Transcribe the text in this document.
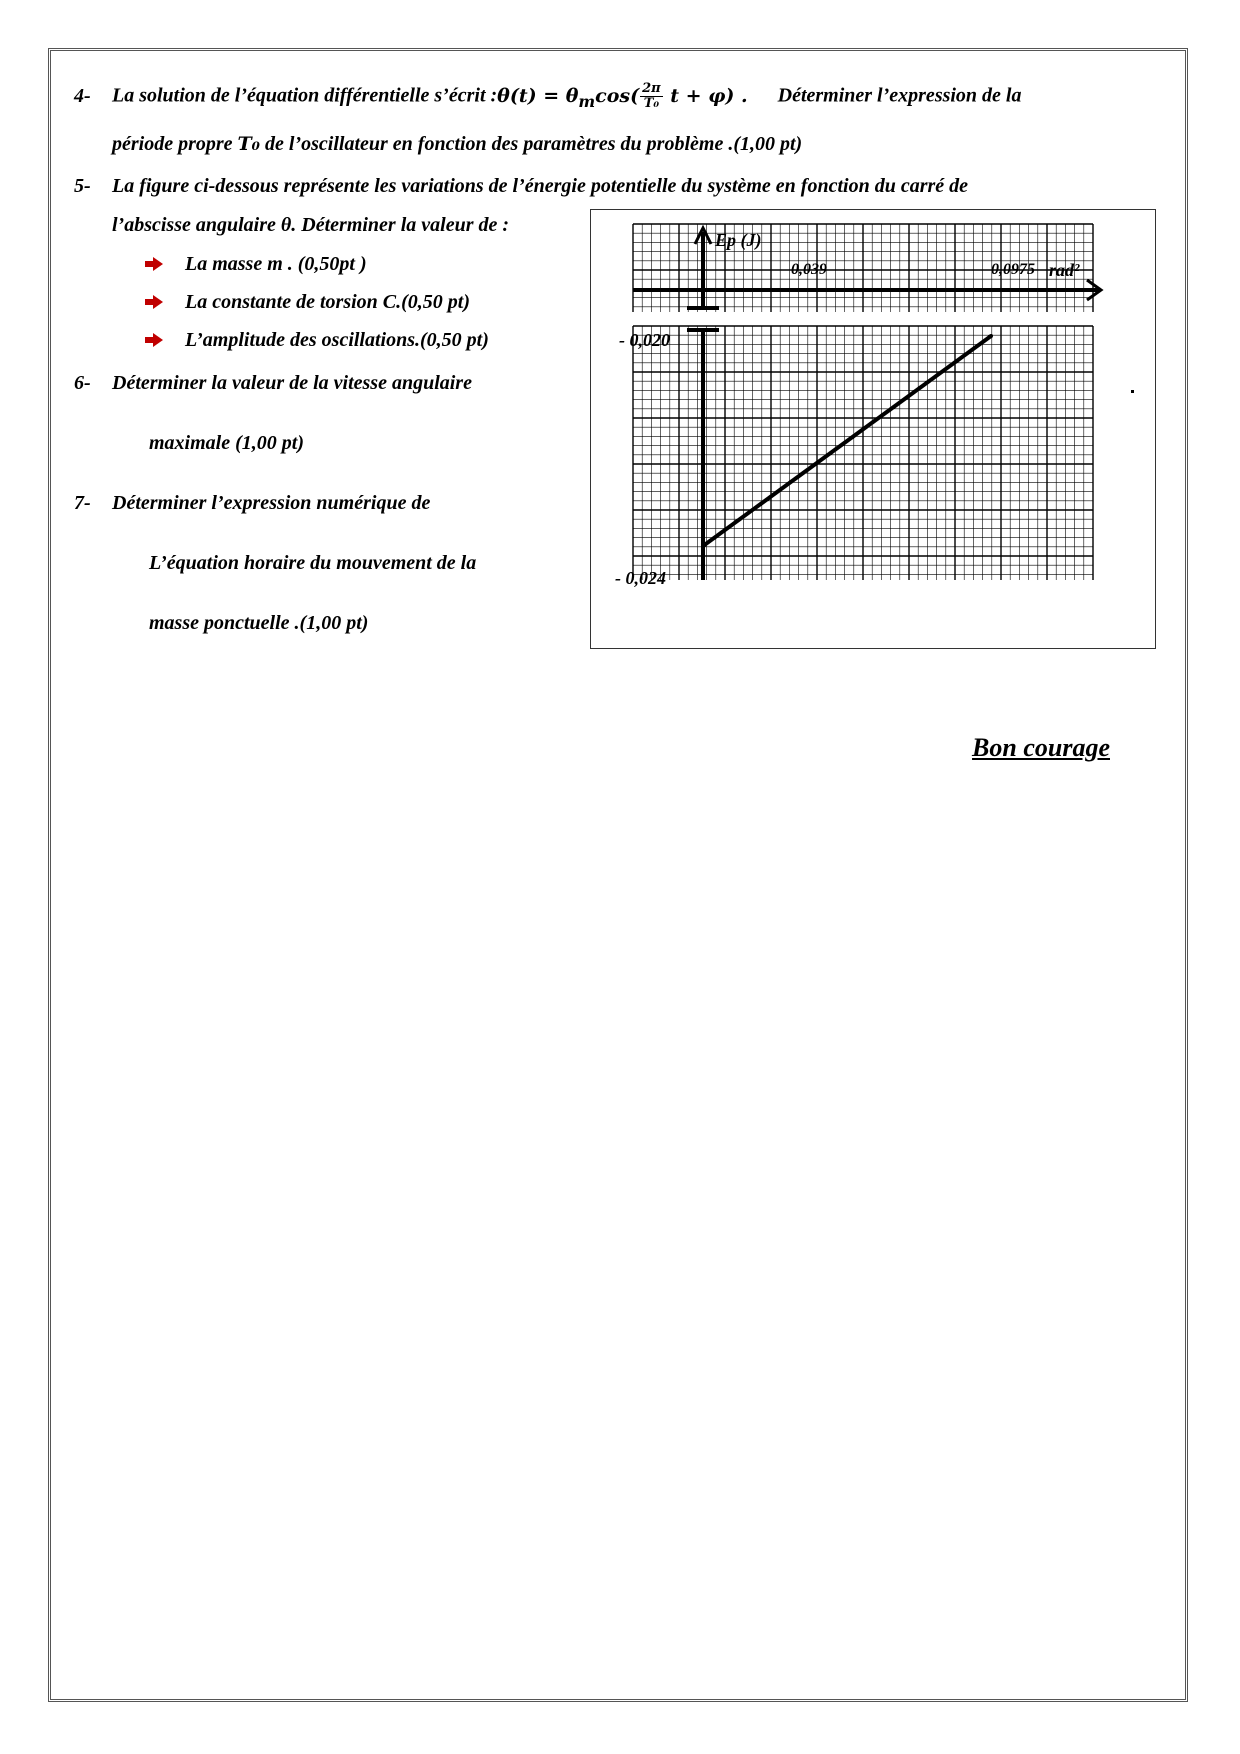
4- La solution de l’équation différentielle s’écrit :θ(t) = $\theta_m\cos( \frac{2\pi}{\text{T₀}}$ t + φ) . Déterminer l’expression de la
période propre T₀ de l’oscillateur en fonction des paramètres du problème .(1,00 pt)
5- La figure ci-dessous représente les variations de l’énergie potentielle du système en fonction du carré de
l’abscisse angulaire θ. Déterminer la valeur de :
La masse m . (0,50pt )
La constante de torsion C.(0,50 pt)
L’amplitude des oscillations.(0,50 pt)
6- Déterminer la valeur de la vitesse angulaire
maximale (1,00 pt)
7- Déterminer l’expression numérique de
L’équation horaire du mouvement de la
masse ponctuelle .(1,00 pt)
Ep (J)
rad²
0,039	0,0975
- 0,020
- 0,024
Bon courage
